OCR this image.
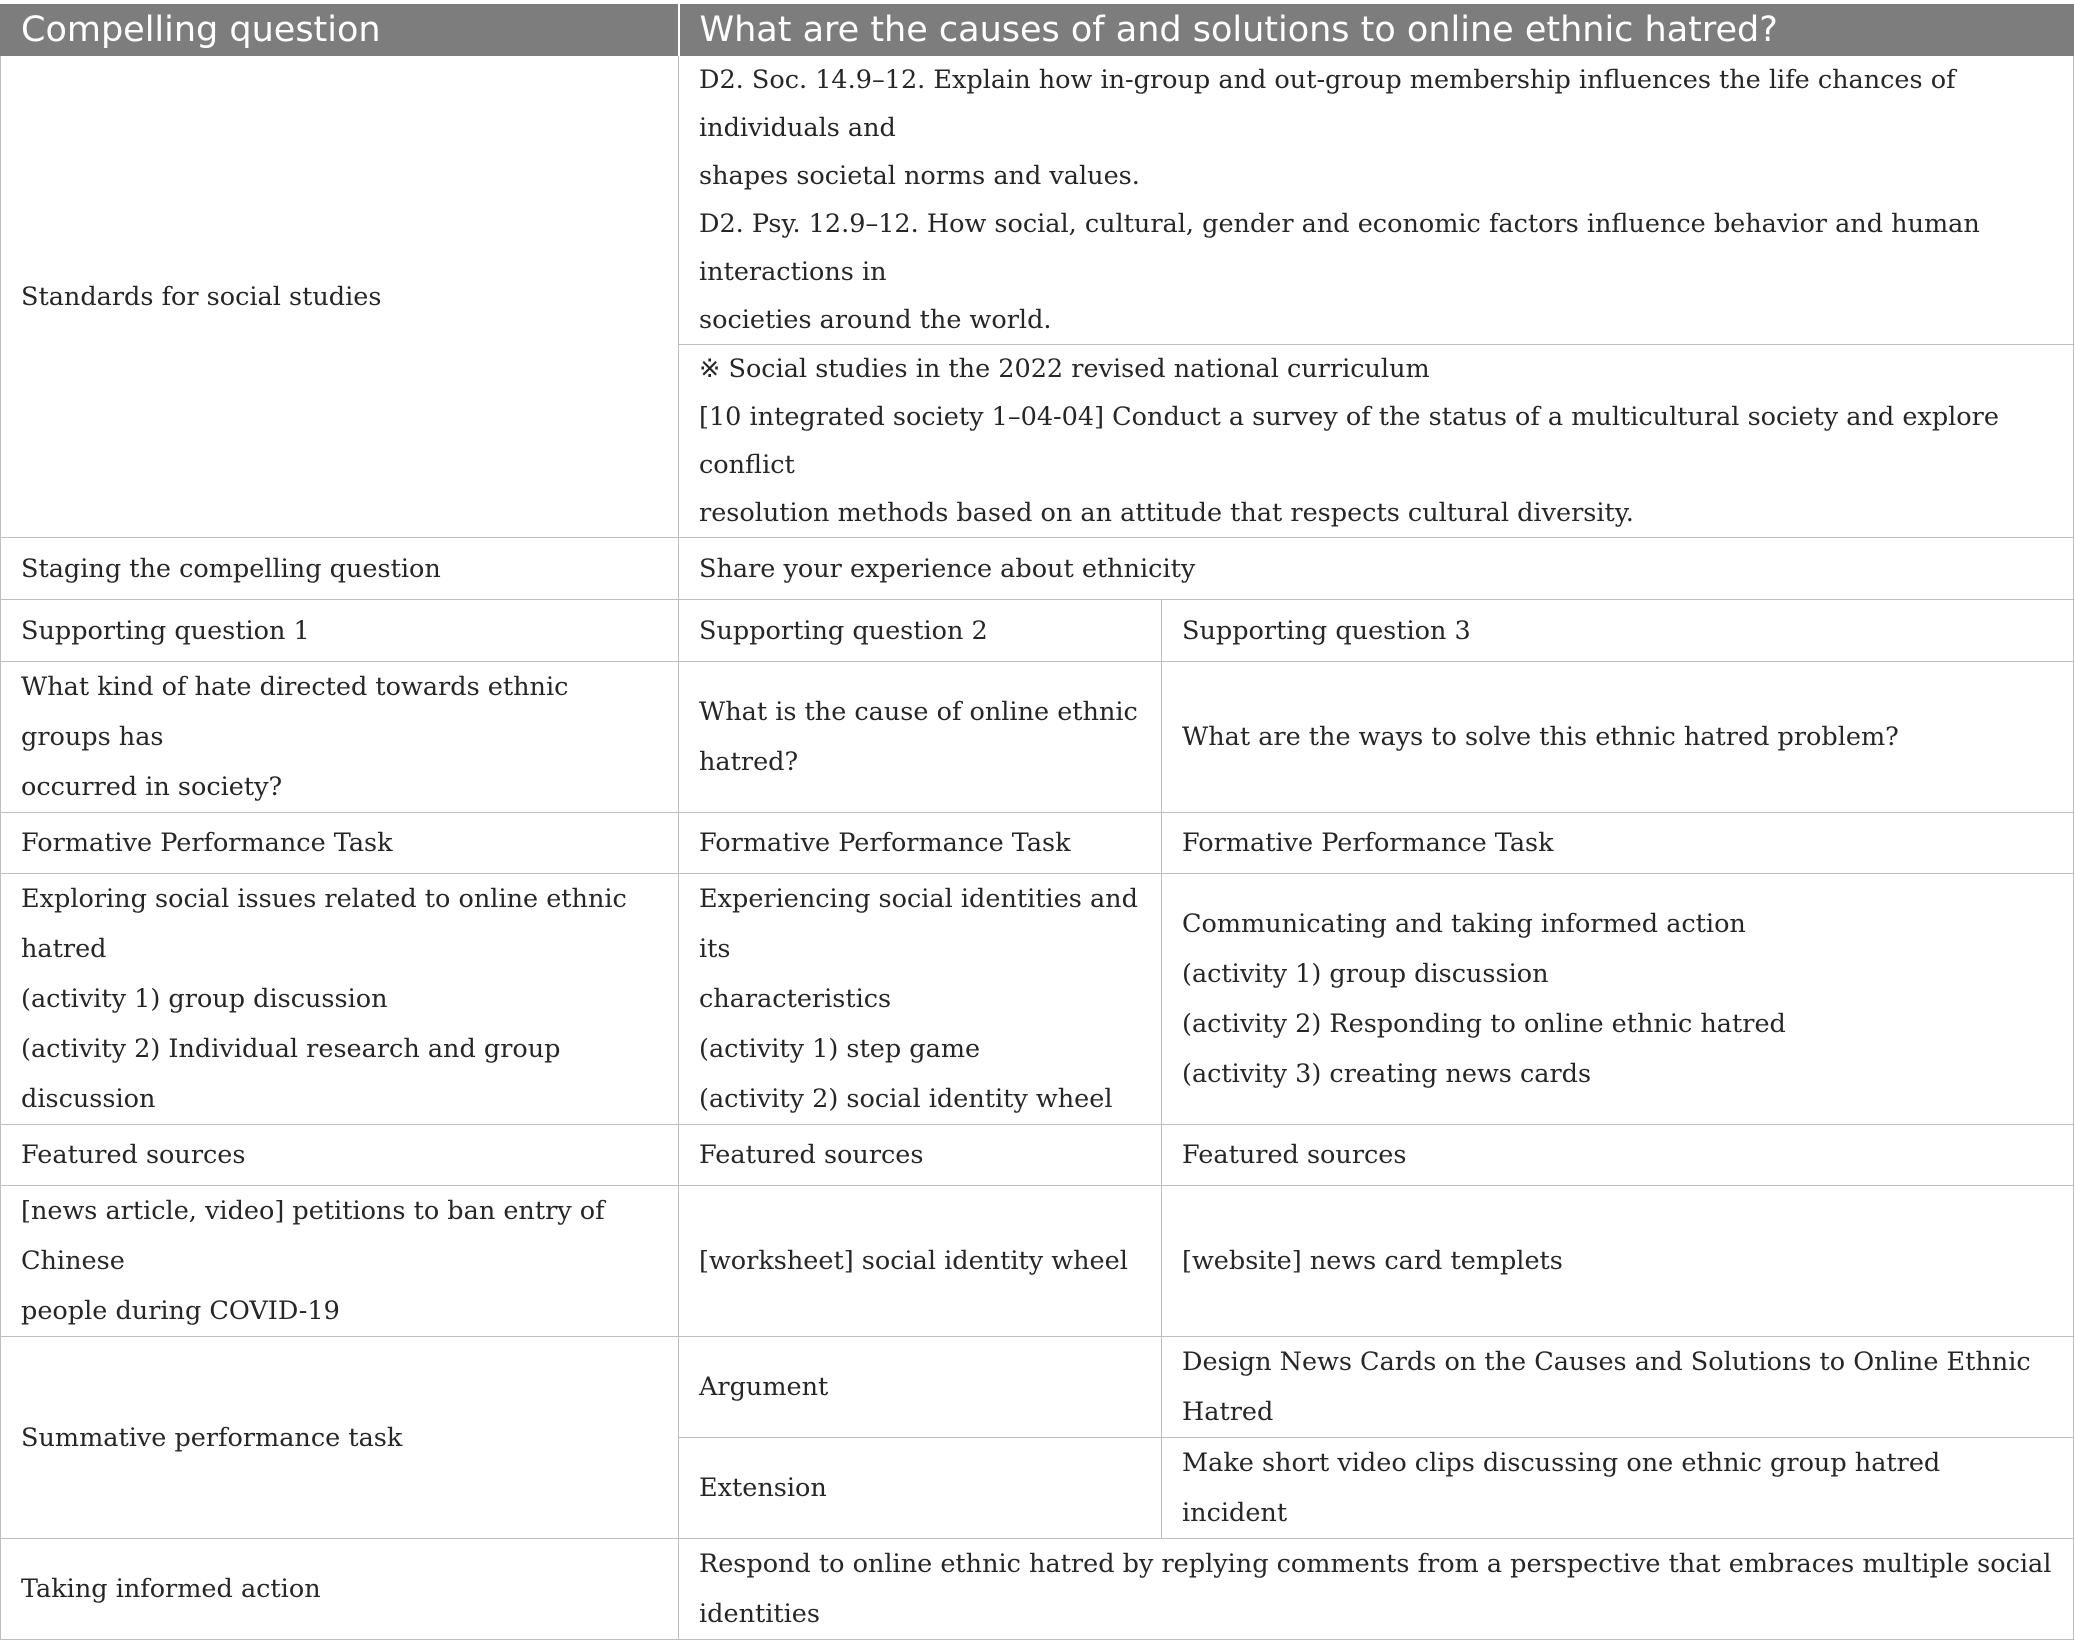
Compelling question	What are the causes of and solutions to online ethnic hatred?	
Standards for social studies	D2. Soc. 14.9–12. Explain how in-group and out-group membership influences the life chances of individuals and
shapes societal norms and values.
D2. Psy. 12.9–12. How social, cultural, gender and economic factors influence behavior and human interactions in
societies around the world.	

	※ Social studies in the 2022 revised national curriculum
[10 integrated society 1–04-04] Conduct a survey of the status of a multicultural society and explore conflict
resolution methods based on an attitude that respects cultural diversity.	

Staging the compelling question	Share your experience about ethnicity	
Supporting question 1	Supporting question 2	Supporting question 3

What kind of hate directed towards ethnic groups has
occurred in society?	What is the cause of online ethnic
hatred?	What are the ways to solve this ethnic hatred problem?

Formative Performance Task	Formative Performance Task	Formative Performance Task

Exploring social issues related to online ethnic hatred
(activity 1) group discussion
(activity 2) Individual research and group discussion	Experiencing social identities and its
characteristics
(activity 1) step game
(activity 2) social identity wheel	Communicating and taking informed action
(activity 1) group discussion
(activity 2) Responding to online ethnic hatred
(activity 3) creating news cards

Featured sources	Featured sources	Featured sources

[news article, video] petitions to ban entry of Chinese
people during COVID-19	[worksheet] social identity wheel	[website] news card templets

Summative performance task	Argument	Design News Cards on the Causes and Solutions to Online Ethnic Hatred
	Extension	Make short video clips discussing one ethnic group hatred incident
Taking informed action	Respond to online ethnic hatred by replying comments from a perspective that embraces multiple social identities	
